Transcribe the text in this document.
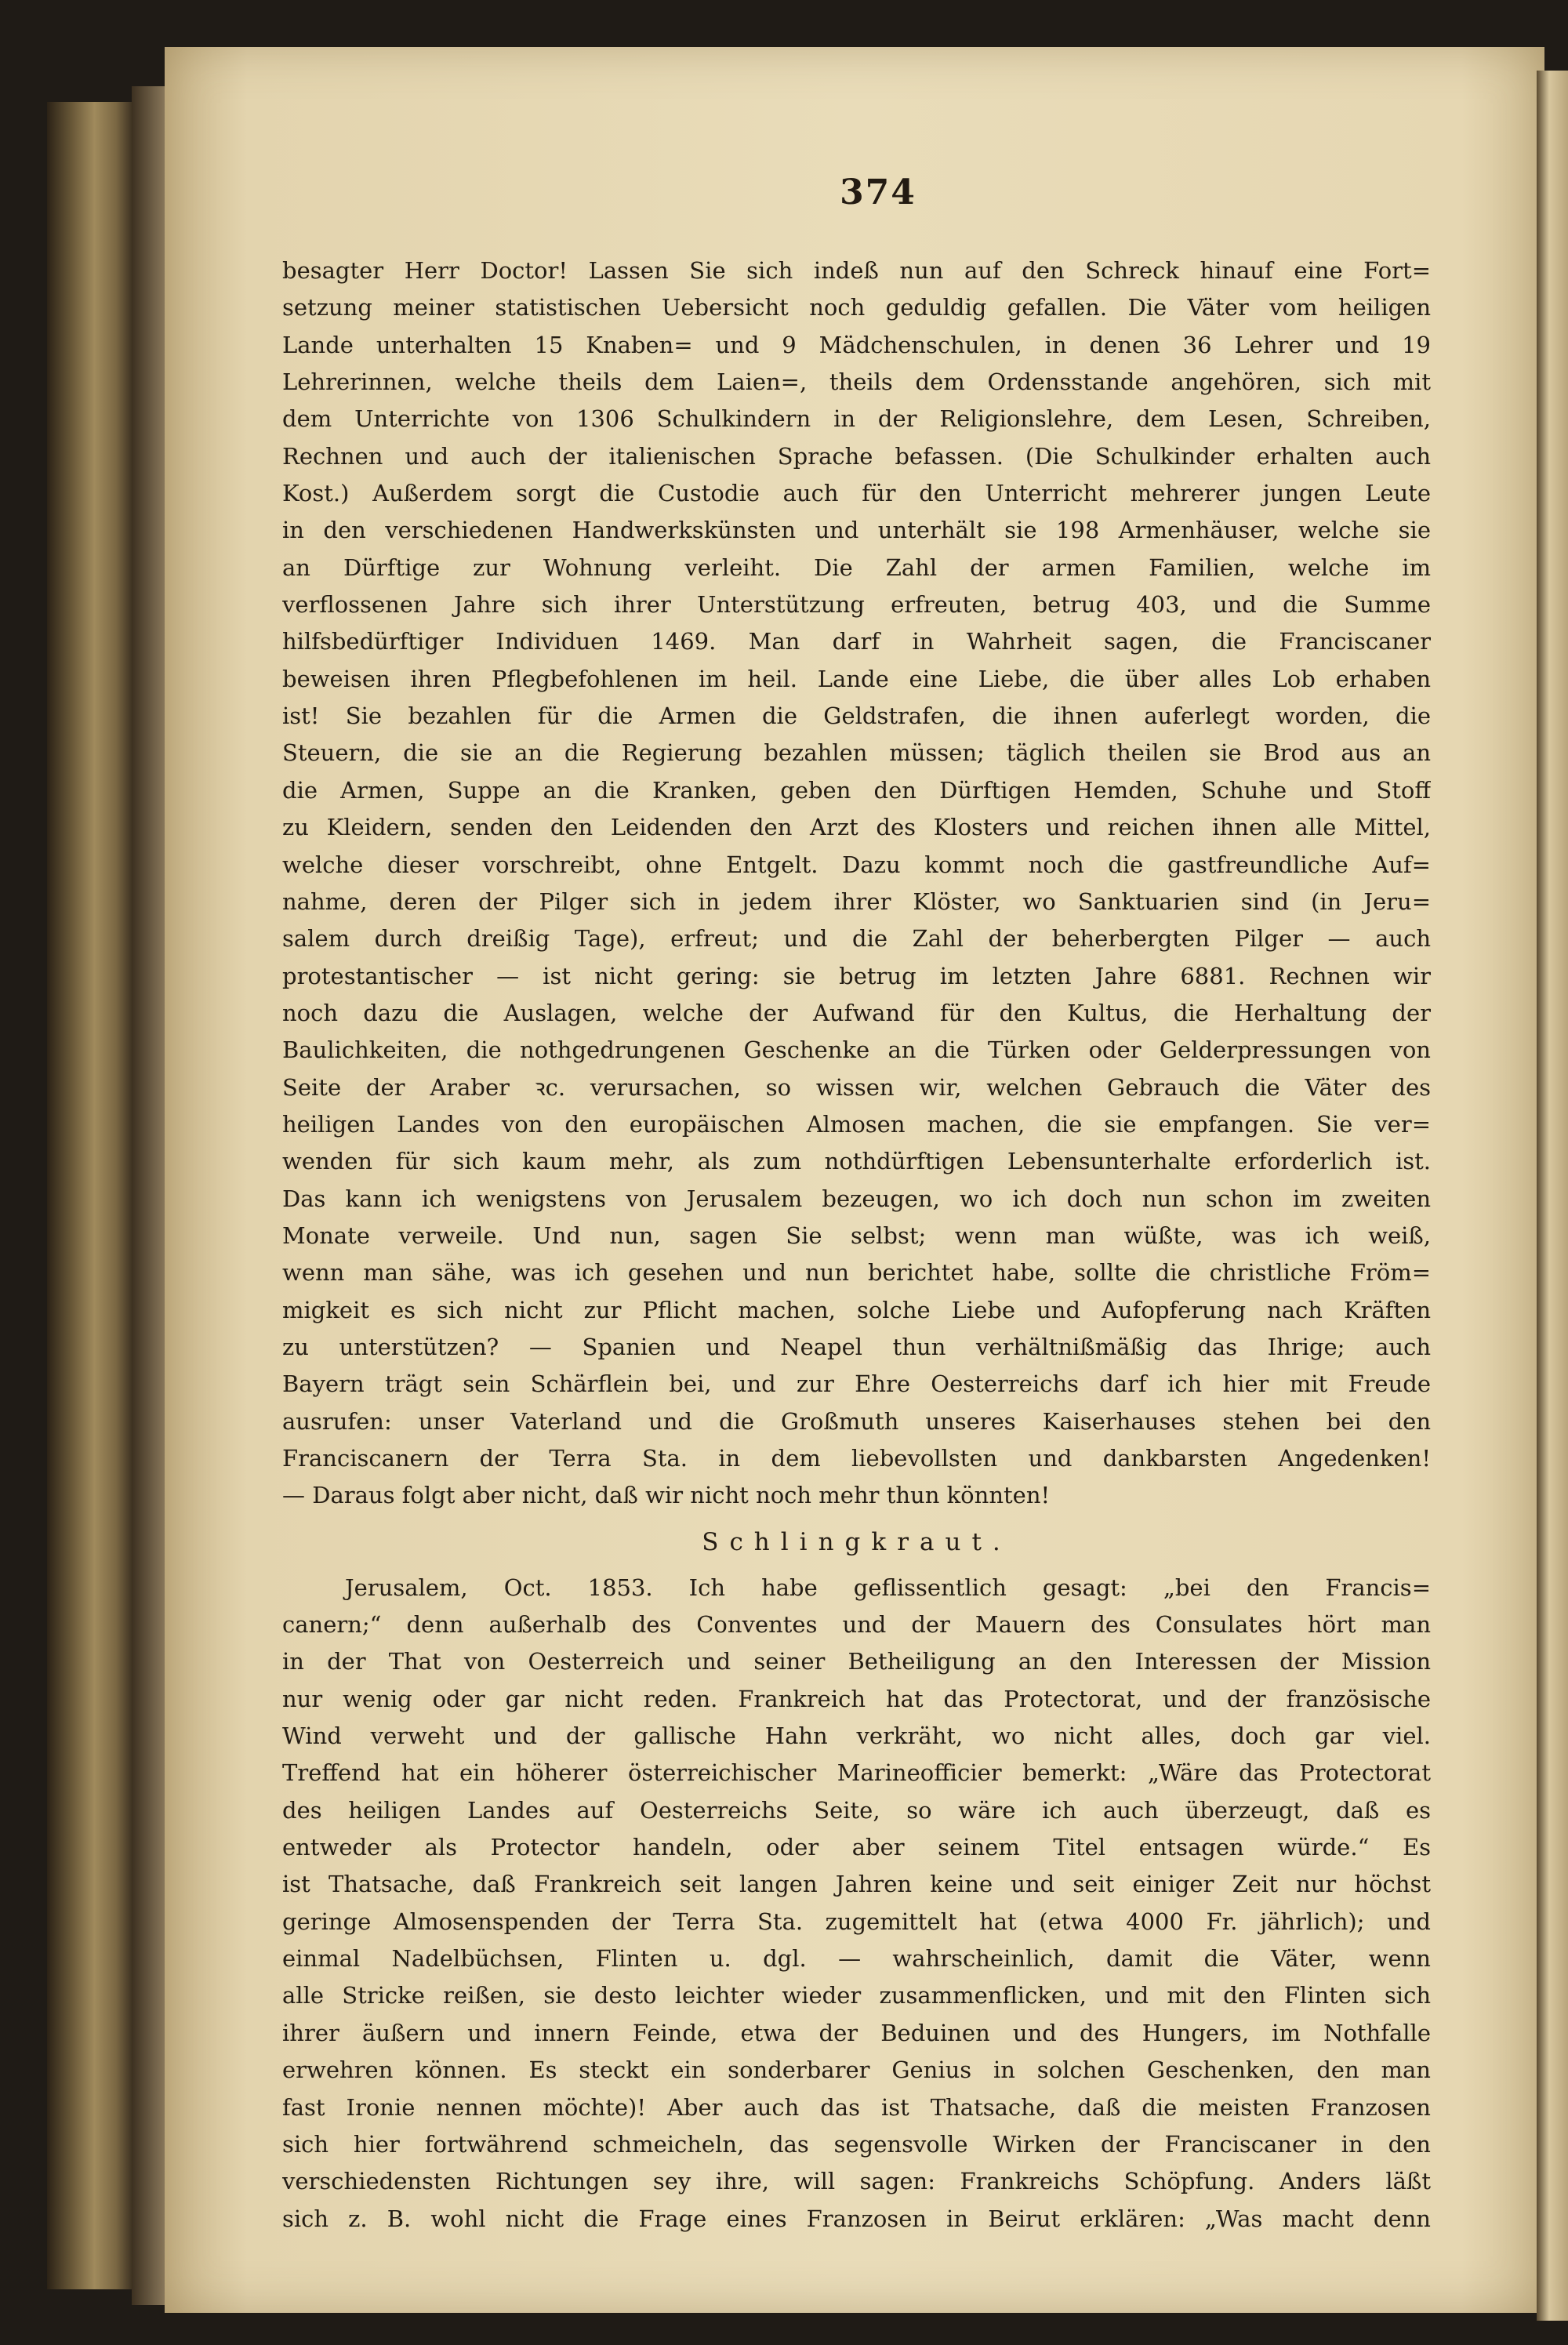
374
besagter Herr Doctor! Lassen Sie sich indeß nun auf den Schreck hinauf eine Fort=
setzung meiner statistischen Uebersicht noch geduldig gefallen. Die Väter vom heiligen
Lande unterhalten 15 Knaben= und 9 Mädchenschulen, in denen 36 Lehrer und 19
Lehrerinnen, welche theils dem Laien=, theils dem Ordensstande angehören, sich mit
dem Unterrichte von 1306 Schulkindern in der Religionslehre, dem Lesen, Schreiben,
Rechnen und auch der italienischen Sprache befassen. (Die Schulkinder erhalten auch
Kost.) Außerdem sorgt die Custodie auch für den Unterricht mehrerer jungen Leute
in den verschiedenen Handwerkskünsten und unterhält sie 198 Armenhäuser, welche sie
an Dürftige zur Wohnung verleiht. Die Zahl der armen Familien, welche im
verflossenen Jahre sich ihrer Unterstützung erfreuten, betrug 403, und die Summe
hilfsbedürftiger Individuen 1469. Man darf in Wahrheit sagen, die Franciscaner
beweisen ihren Pflegbefohlenen im heil. Lande eine Liebe, die über alles Lob erhaben
ist! Sie bezahlen für die Armen die Geldstrafen, die ihnen auferlegt worden, die
Steuern, die sie an die Regierung bezahlen müssen; täglich theilen sie Brod aus an
die Armen, Suppe an die Kranken, geben den Dürftigen Hemden, Schuhe und Stoff
zu Kleidern, senden den Leidenden den Arzt des Klosters und reichen ihnen alle Mittel,
welche dieser vorschreibt, ohne Entgelt. Dazu kommt noch die gastfreundliche Auf=
nahme, deren der Pilger sich in jedem ihrer Klöster, wo Sanktuarien sind (in Jeru=
salem durch dreißig Tage), erfreut; und die Zahl der beherbergten Pilger — auch
protestantischer — ist nicht gering: sie betrug im letzten Jahre 6881. Rechnen wir
noch dazu die Auslagen, welche der Aufwand für den Kultus, die Herhaltung der
Baulichkeiten, die nothgedrungenen Geschenke an die Türken oder Gelderpressungen von
Seite der Araber ꝛc. verursachen, so wissen wir, welchen Gebrauch die Väter des
heiligen Landes von den europäischen Almosen machen, die sie empfangen. Sie ver=
wenden für sich kaum mehr, als zum nothdürftigen Lebensunterhalte erforderlich ist.
Das kann ich wenigstens von Jerusalem bezeugen, wo ich doch nun schon im zweiten
Monate verweile. Und nun, sagen Sie selbst; wenn man wüßte, was ich weiß,
wenn man sähe, was ich gesehen und nun berichtet habe, sollte die christliche Fröm=
migkeit es sich nicht zur Pflicht machen, solche Liebe und Aufopferung nach Kräften
zu unterstützen? — Spanien und Neapel thun verhältnißmäßig das Ihrige; auch
Bayern trägt sein Schärflein bei, und zur Ehre Oesterreichs darf ich hier mit Freude
ausrufen: unser Vaterland und die Großmuth unseres Kaiserhauses stehen bei den
Franciscanern der Terra Sta. in dem liebevollsten und dankbarsten Angedenken!
— Daraus folgt aber nicht, daß wir nicht noch mehr thun könnten!
Schlingkraut.
Jerusalem, Oct. 1853. Ich habe geflissentlich gesagt: „bei den Francis=
canern;“ denn außerhalb des Conventes und der Mauern des Consulates hört man
in der That von Oesterreich und seiner Betheiligung an den Interessen der Mission
nur wenig oder gar nicht reden. Frankreich hat das Protectorat, und der französische
Wind verweht und der gallische Hahn verkräht, wo nicht alles, doch gar viel.
Treffend hat ein höherer österreichischer Marineofficier bemerkt: „Wäre das Protectorat
des heiligen Landes auf Oesterreichs Seite, so wäre ich auch überzeugt, daß es
entweder als Protector handeln, oder aber seinem Titel entsagen würde.“ Es
ist Thatsache, daß Frankreich seit langen Jahren keine und seit einiger Zeit nur höchst
geringe Almosenspenden der Terra Sta. zugemittelt hat (etwa 4000 Fr. jährlich); und
einmal Nadelbüchsen, Flinten u. dgl. — wahrscheinlich, damit die Väter, wenn
alle Stricke reißen, sie desto leichter wieder zusammenflicken, und mit den Flinten sich
ihrer äußern und innern Feinde, etwa der Beduinen und des Hungers, im Nothfalle
erwehren können. Es steckt ein sonderbarer Genius in solchen Geschenken, den man
fast Ironie nennen möchte)! Aber auch das ist Thatsache, daß die meisten Franzosen
sich hier fortwährend schmeicheln, das segensvolle Wirken der Franciscaner in den
verschiedensten Richtungen sey ihre, will sagen: Frankreichs Schöpfung. Anders läßt
sich z. B. wohl nicht die Frage eines Franzosen in Beirut erklären: „Was macht denn
